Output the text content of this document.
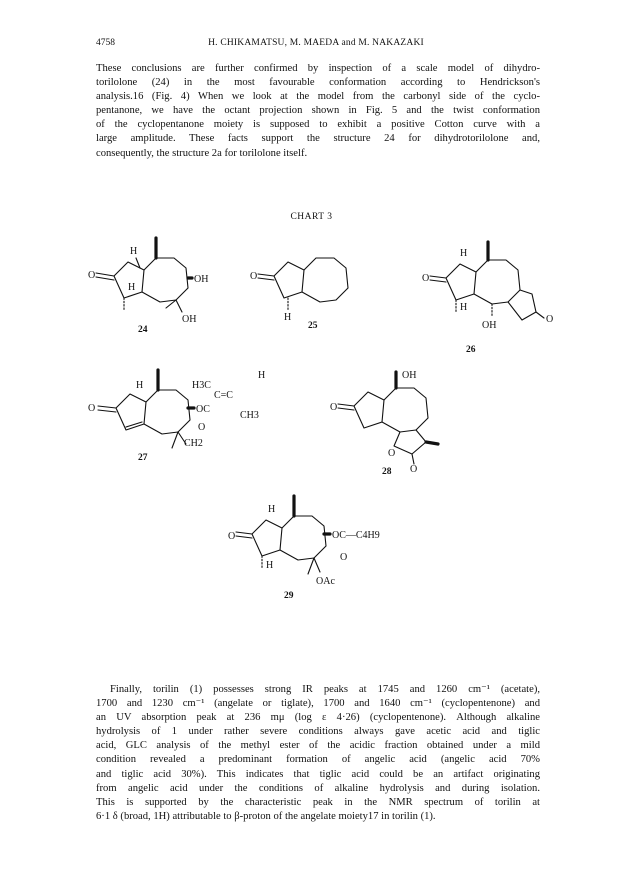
4758	H. CHIKAMATSU, M. MAEDA and M. NAKAZAKI
These conclusions are further confirmed by inspection of a scale model of dihydro-
torilolone (24) in the most favourable conformation according to Hendrickson's
analysis.16 (Fig. 4) When we look at the model from the carbonyl side of the cyclo-
pentanone, we have the octant projection shown in Fig. 5 and the twist conformation
of the cyclopentanone moiety is supposed to exhibit a positive Cotton curve with a
large amplitude. These facts support the structure 24 for dihydrotorilolone and,
consequently, the structure 2a for torilolone itself.
CHART 3
H
H
OH
OH
O
24
O
H
25
H
H
OH
O
O
26
H	H3C
H
C=C
CH3
OC
O
CH2
O
27
OH
O
O
O
28
H
H
OC—C4H9
O
OAc
O
29
Finally, torilin (1) possesses strong IR peaks at 1745 and 1260 cm⁻¹ (acetate),
1700 and 1230 cm⁻¹ (angelate or tiglate), 1700 and 1640 cm⁻¹ (cyclopentenone) and
an UV absorption peak at 236 mμ (log ε 4·26) (cyclopentenone). Although alkaline
hydrolysis of 1 under rather severe conditions always gave acetic acid and tiglic
acid, GLC analysis of the methyl ester of the acidic fraction obtained under a mild
condition revealed a predominant formation of angelic acid (angelic acid 70%
and tiglic acid 30%). This indicates that tiglic acid could be an artifact originating
from angelic acid under the conditions of alkaline hydrolysis and during isolation.
This is supported by the characteristic peak in the NMR spectrum of torilin at
6·1 δ (broad, 1H) attributable to β-proton of the angelate moiety17 in torilin (1).
